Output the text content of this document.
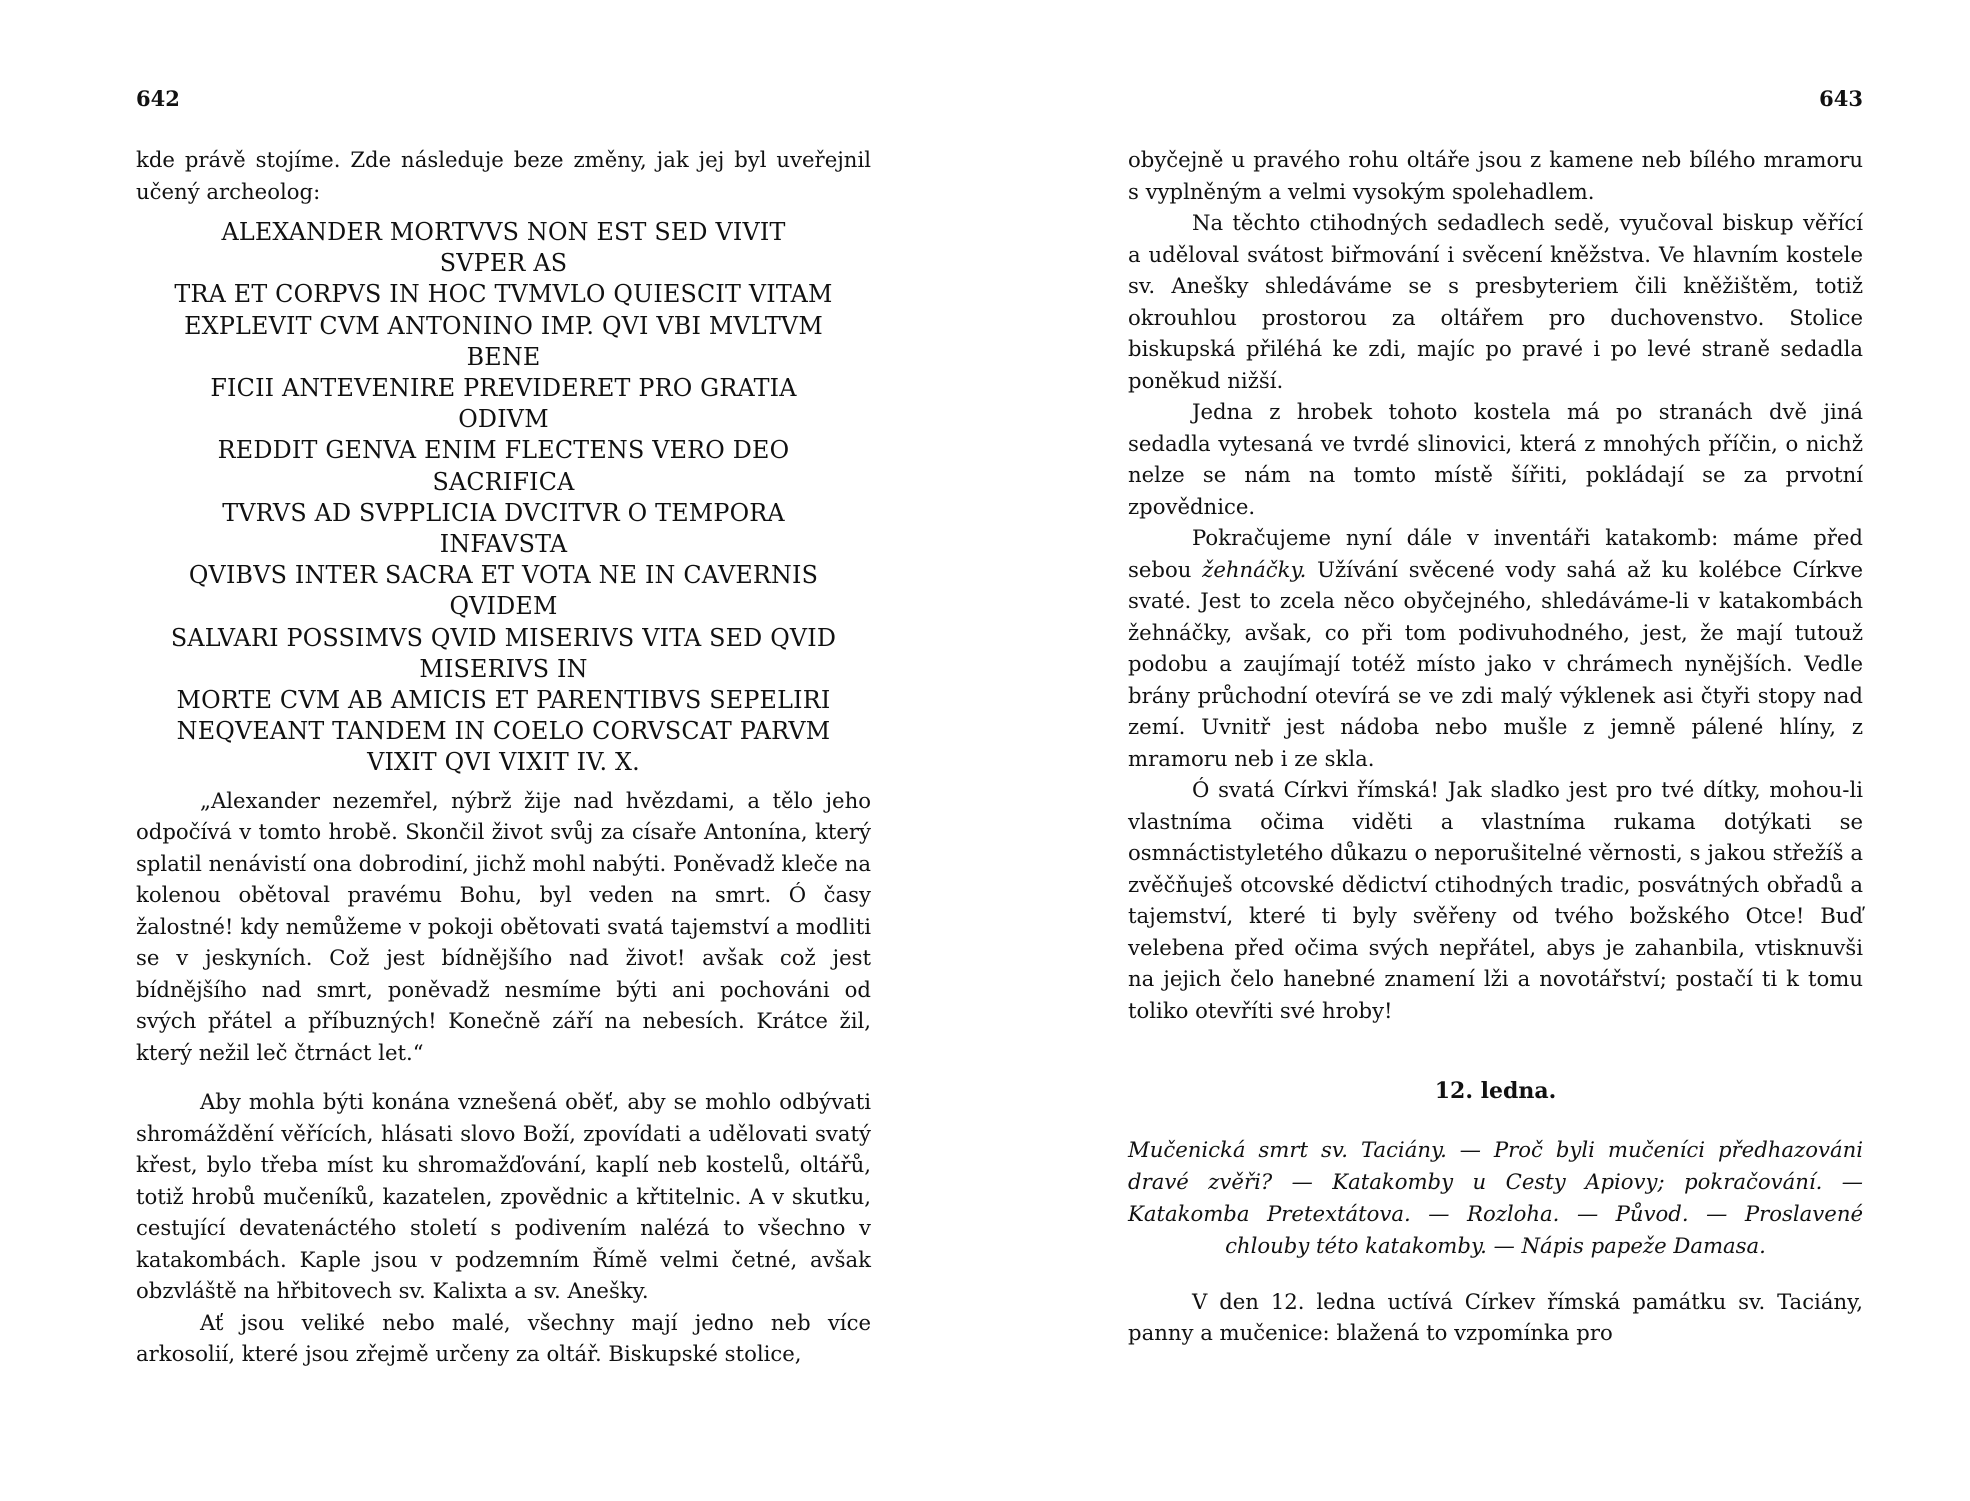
642

kde právě stojíme. Zde následuje beze změny, jak jej byl uveřejnil učený archeolog:

ALEXANDER MORTVVS NON EST SED VIVIT
SVPER AS
TRA ET CORPVS IN HOC TVMVLO QUIESCIT VITAM
EXPLEVIT CVM ANTONINO IMP. QVI VBI MVLTVM
BENE
FICII ANTEVENIRE PREVIDERET PRO GRATIA
ODIVM
REDDIT GENVA ENIM FLECTENS VERO DEO
SACRIFICA
TVRVS AD SVPPLICIA DVCITVR O TEMPORA
INFAVSTA
QVIBVS INTER SACRA ET VOTA NE IN CAVERNIS
QVIDEM
SALVARI POSSIMVS QVID MISERIVS VITA SED QVID
MISERIVS IN
MORTE CVM AB AMICIS ET PARENTIBVS SEPELIRI
NEQVEANT TANDEM IN COELO CORVSCAT PARVM
VIXIT QVI VIXIT IV. X.

„Alexander nezemřel, nýbrž žije nad hvězdami, a tělo jeho odpočívá v tomto hrobě. Skončil život svůj za císaře Antonína, který splatil nenávistí ona dobrodiní, jichž mohl nabýti. Poněvadž kleče na kolenou obětoval pravému Bohu, byl veden na smrt. Ó časy žalostné! kdy nemůžeme v pokoji obětovati svatá tajemství a modliti se v jeskyních. Což jest bídnějšího nad život! avšak což jest bídnějšího nad smrt, poněvadž nesmíme býti ani pochováni od svých přátel a příbuzných! Konečně září na nebesích. Krátce žil, který nežil leč čtrnáct let.“

Aby mohla býti konána vznešená oběť, aby se mohlo odbývati shromáždění věřících, hlásati slovo Boží, zpovídati a udělovati svatý křest, bylo třeba míst ku shromažďování, kaplí neb kostelů, oltářů, totiž hrobů mučeníků, kazatelen, zpovědnic a křtitelnic. A v skutku, cestující devatenáctého století s podivením nalézá to všechno v katakombách. Kaple jsou v podzemním Římě velmi četné, avšak obzvláště na hřbitovech sv. Kalixta a sv. Anešky.

Ať jsou veliké nebo malé, všechny mají jedno neb více arkosolií, které jsou zřejmě určeny za oltář. Biskupské stolice,

643

obyčejně u pravého rohu oltáře jsou z kamene neb bílého mramoru s vyplněným a velmi vysokým spolehadlem.

Na těchto ctihodných sedadlech sedě, vyučoval biskup věřící a uděloval svátost biřmování i svěcení kněžstva. Ve hlavním kostele sv. Anešky shledáváme se s presbyteriem čili kněžištěm, totiž okrouhlou prostorou za oltářem pro duchovenstvo. Stolice biskupská přiléhá ke zdi, majíc po pravé i po levé straně sedadla poněkud nižší.

Jedna z hrobek tohoto kostela má po stranách dvě jiná sedadla vytesaná ve tvrdé slinovici, která z mnohých příčin, o nichž nelze se nám na tomto místě šířiti, pokládají se za prvotní zpovědnice.

Pokračujeme nyní dále v inventáři katakomb: máme před sebou žehnáčky. Užívání svěcené vody sahá až ku kolébce Církve svaté. Jest to zcela něco obyčejného, shledáváme-li v katakombách žehnáčky, avšak, co při tom podivuhodného, jest, že mají tutouž podobu a zaujímají totéž místo jako v chrámech nynějších. Vedle brány průchodní otevírá se ve zdi malý výklenek asi čtyři stopy nad zemí. Uvnitř jest nádoba nebo mušle z jemně pálené hlíny, z mramoru neb i ze skla.

Ó svatá Církvi římská! Jak sladko jest pro tvé dítky, mohou-li vlastníma očima viděti a vlastníma rukama dotýkati se osmnáctistyletého důkazu o neporušitelné věrnosti, s jakou střežíš a zvěčňuješ otcovské dědictví ctihodných tradic, posvátných obřadů a tajemství, které ti byly svěřeny od tvého božského Otce! Buď velebena před očima svých nepřátel, abys je zahanbila, vtisknuvši na jejich čelo hanebné znamení lži a novotářství; postačí ti k tomu toliko otevříti své hroby!

12. ledna.

Mučenická smrt sv. Taciány. — Proč byli mučeníci předhazováni dravé zvěři? — Katakomby u Cesty Apiovy; pokračování. — Katakomba Pretextátova. — Rozloha. — Původ. — Proslavené chlouby této katakomby. — Nápis papeže Damasa.

V den 12. ledna uctívá Církev římská památku sv. Taciány, panny a mučenice: blažená to vzpomínka pro
